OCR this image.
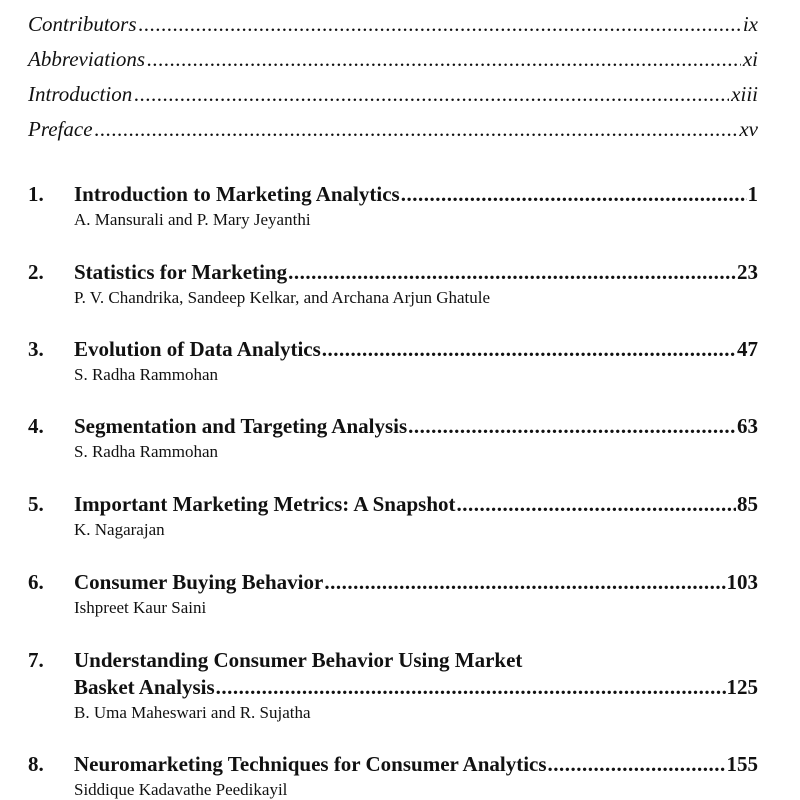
Contributors .....	ix
Abbreviations .....	xi
Introduction .....	xiii
Preface .....	xv
1. Introduction to Marketing Analytics .....	1
A. Mansurali and P. Mary Jeyanthi
2. Statistics for Marketing .....	23
P. V. Chandrika, Sandeep Kelkar, and Archana Arjun Ghatule
3. Evolution of Data Analytics .....	47
S. Radha Rammohan
4. Segmentation and Targeting Analysis .....	63
S. Radha Rammohan
5. Important Marketing Metrics: A Snapshot .....	85
K. Nagarajan
6. Consumer Buying Behavior .....	103
Ishpreet Kaur Saini
7. Understanding Consumer Behavior Using Market
Basket Analysis .....	125
B. Uma Maheswari and R. Sujatha
8. Neuromarketing Techniques for Consumer Analytics .....	155
Siddique Kadavathe Peedikayil
